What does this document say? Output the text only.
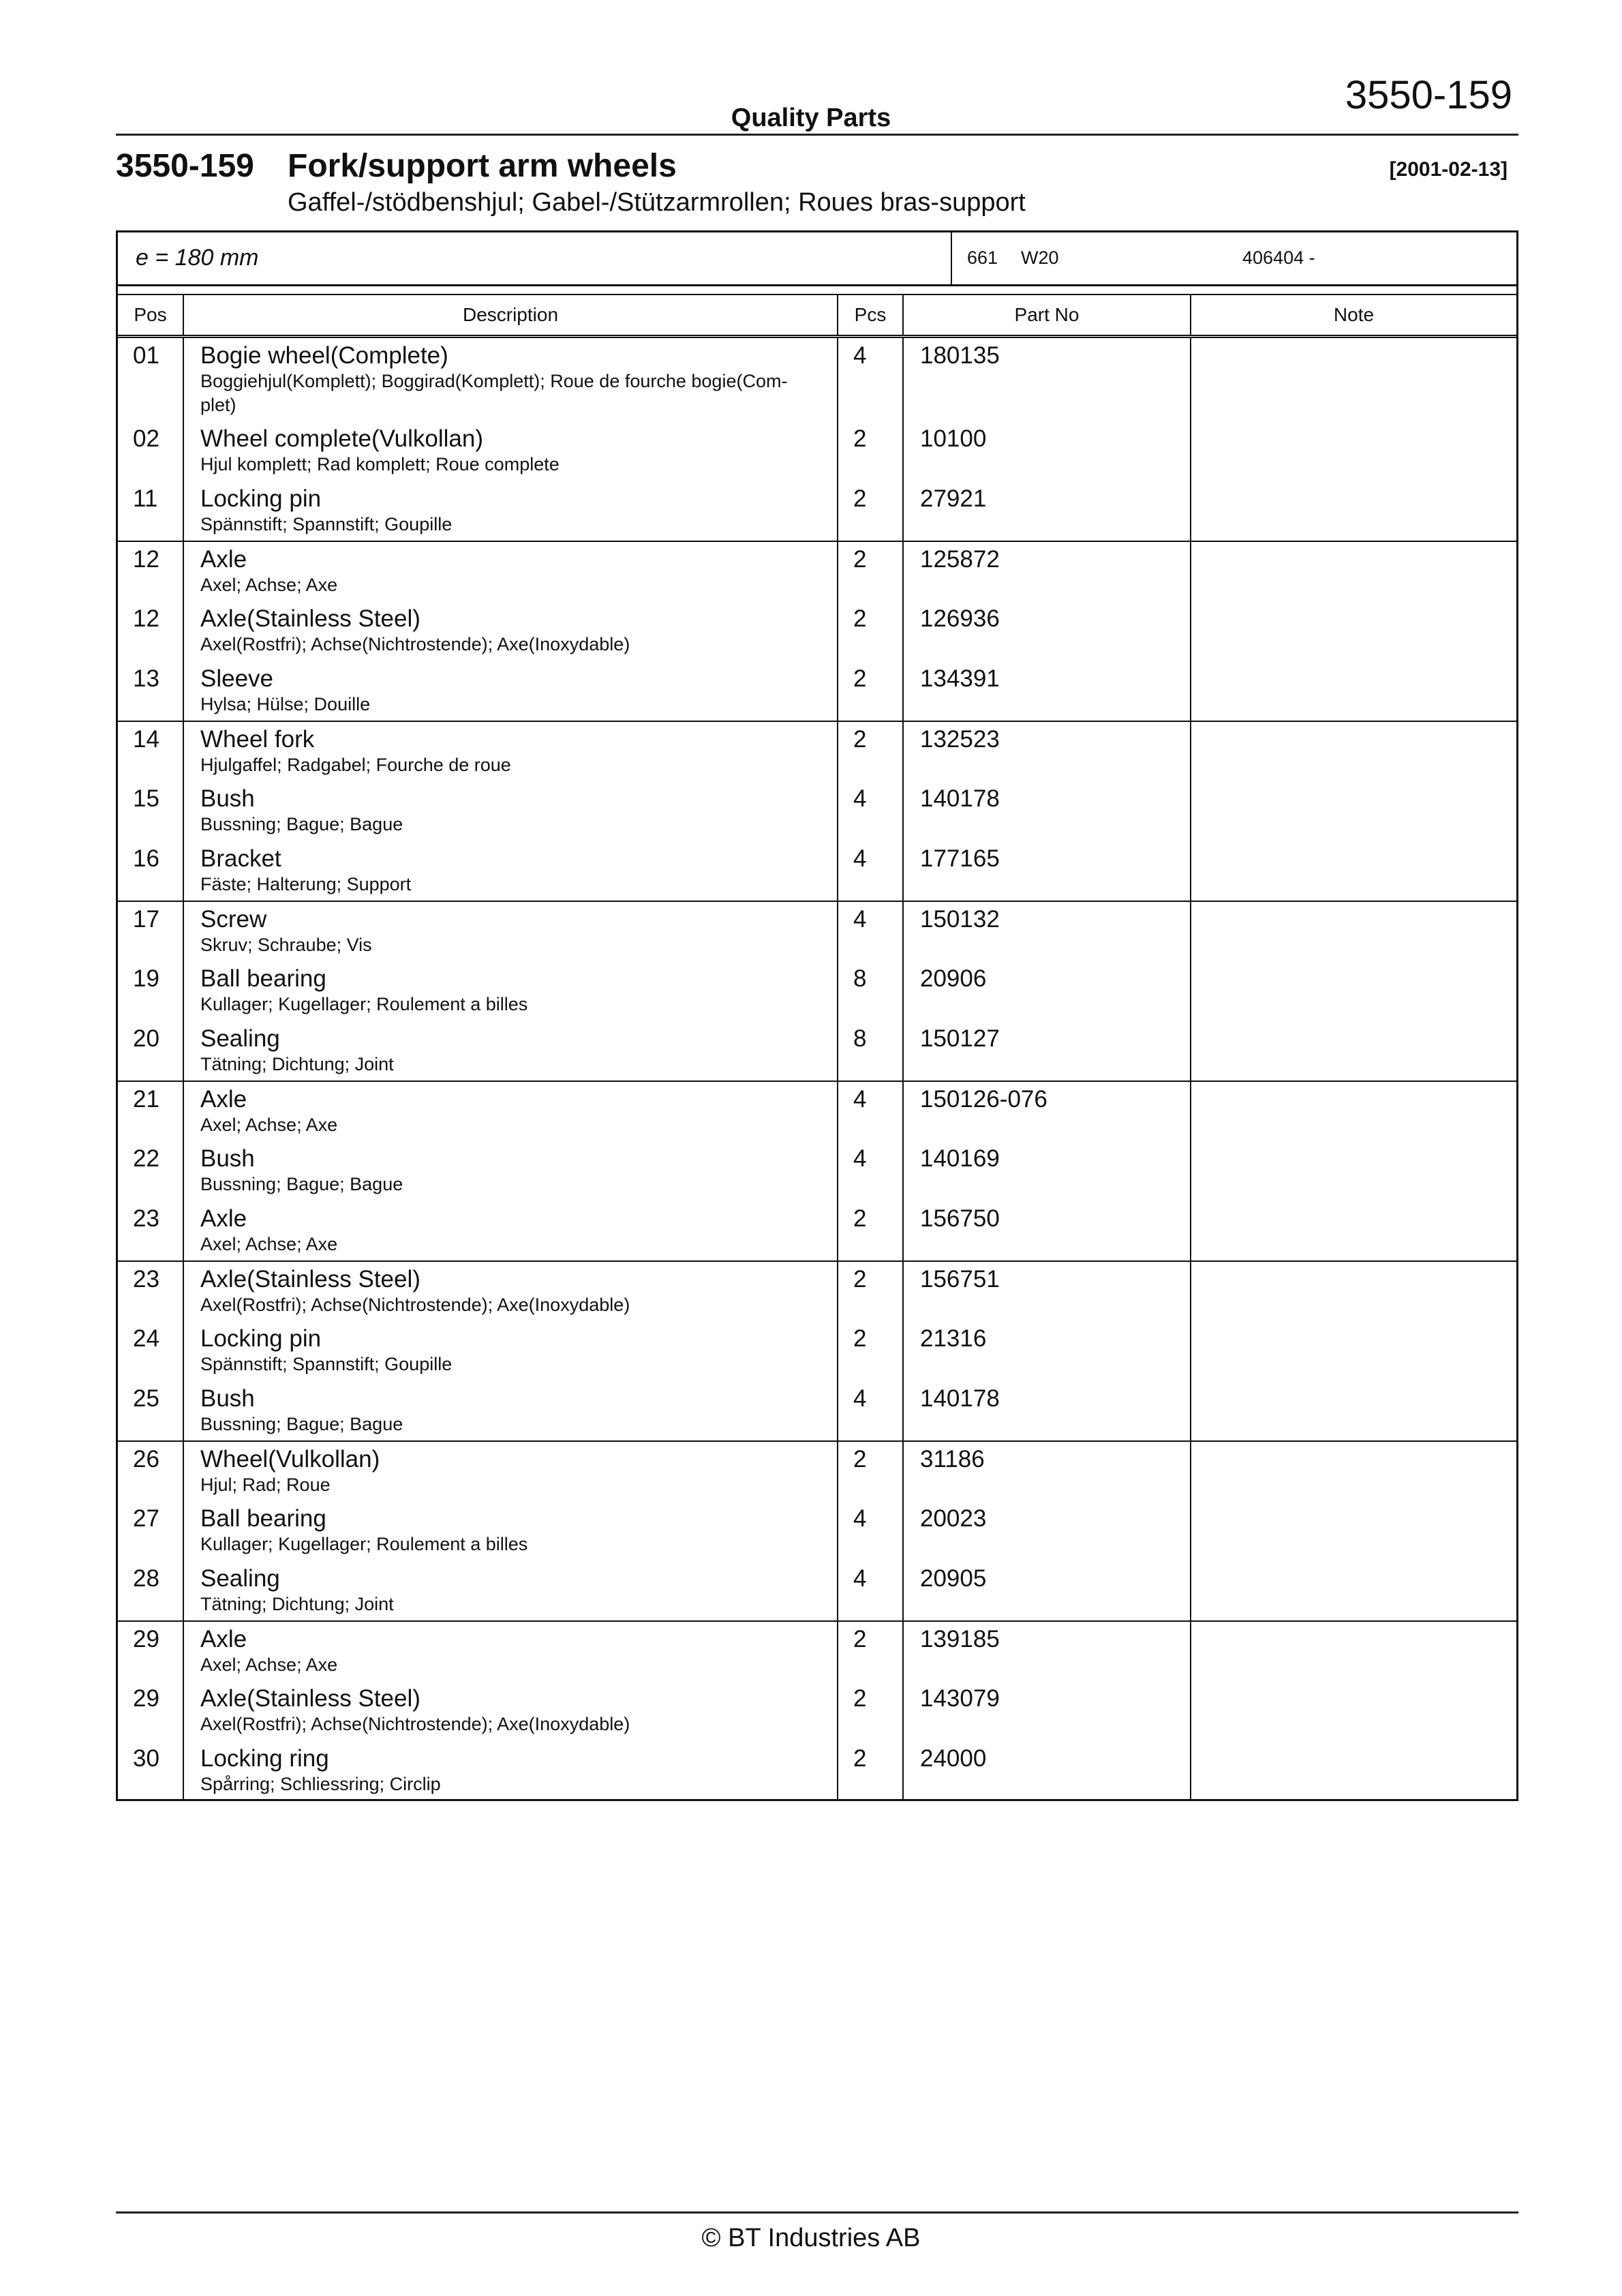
3550-159
Quality Parts
3550-159 Fork/support arm wheels	[2001-02-13]
Gaffel-/stödbenshjul; Gabel-/Stützarmrollen; Roues bras-support
e = 180 mm	661 W20	406404 -
Pos	Description	Pcs	Part No	Note

01	Bogie wheel(Complete)
Boggiehjul(Komplett); Boggirad(Komplett); Roue de fourche bogie(Com-plet)	4	180135	

02	Wheel complete(Vulkollan)
Hjul komplett; Rad komplett; Roue complete	2	10100	

11	Locking pin
Spännstift; Spannstift; Goupille	2	27921	

12	Axle
Axel; Achse; Axe	2	125872	

12	Axle(Stainless Steel)
Axel(Rostfri); Achse(Nichtrostende); Axe(Inoxydable)	2	126936	

13	Sleeve
Hylsa; Hülse; Douille	2	134391	

14	Wheel fork
Hjulgaffel; Radgabel; Fourche de roue	2	132523	

15	Bush
Bussning; Bague; Bague	4	140178	

16	Bracket
Fäste; Halterung; Support	4	177165	

17	Screw
Skruv; Schraube; Vis	4	150132	

19	Ball bearing
Kullager; Kugellager; Roulement a billes	8	20906	

20	Sealing
Tätning; Dichtung; Joint	8	150127	

21	Axle
Axel; Achse; Axe	4	150126-076	

22	Bush
Bussning; Bague; Bague	4	140169	

23	Axle
Axel; Achse; Axe	2	156750	

23	Axle(Stainless Steel)
Axel(Rostfri); Achse(Nichtrostende); Axe(Inoxydable)	2	156751	

24	Locking pin
Spännstift; Spannstift; Goupille	2	21316	

25	Bush
Bussning; Bague; Bague	4	140178	

26	Wheel(Vulkollan)
Hjul; Rad; Roue	2	31186	

27	Ball bearing
Kullager; Kugellager; Roulement a billes	4	20023	

28	Sealing
Tätning; Dichtung; Joint	4	20905	

29	Axle
Axel; Achse; Axe	2	139185	

29	Axle(Stainless Steel)
Axel(Rostfri); Achse(Nichtrostende); Axe(Inoxydable)	2	143079	

30	Locking ring
Spårring; Schliessring; Circlip	2	24000	

© BT Industries AB
